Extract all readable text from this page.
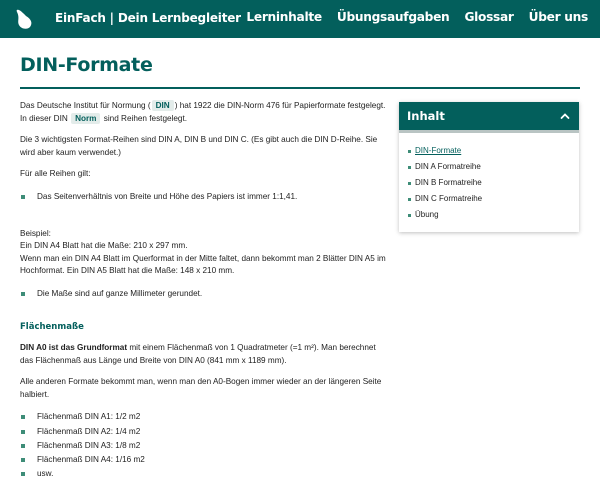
EinFach | Dein Lernbegleiter Lerninhalte Übungsaufgaben Glossar Über uns
DIN-Formate

Das Deutsche Institut für Normung ( DIN ) hat 1922 die DIN-Norm 476 für Papierformate festgelegt. In dieser DIN Norm sind Reihen festgelegt.

Die 3 wichtigsten Format-Reihen sind DIN A, DIN B und DIN C. (Es gibt auch die DIN D-Reihe. Sie wird aber kaum verwendet.)

Für alle Reihen gilt:

Das Seitenverhältnis von Breite und Höhe des Papiers ist immer 1:1,41.

Beispiel:
Ein DIN A4 Blatt hat die Maße: 210 x 297 mm.
Wenn man ein DIN A4 Blatt im Querformat in der Mitte faltet, dann bekommt man 2 Blätter DIN A5 im Hochformat. Ein DIN A5 Blatt hat die Maße: 148 x 210 mm.

Die Maße sind auf ganze Millimeter gerundet.
Flächenmaße

DIN A0 ist das Grundformat mit einem Flächenmaß von 1 Quadratmeter (=1 m²). Man berechnet das Flächenmaß aus Länge und Breite von DIN A0 (841 mm x 1189 mm).

Alle anderen Formate bekommt man, wenn man den A0-Bogen immer wieder an der längeren Seite halbiert.

Flächenmaß DIN A1: 1/2 m2
Flächenmaß DIN A2: 1/4 m2
Flächenmaß DIN A3: 1/8 m2
Flächenmaß DIN A4: 1/16 m2
usw.
Inhalt
DIN-Formate
DIN A Formatreihe
DIN B Formatreihe
DIN C Formatreihe
Übung
